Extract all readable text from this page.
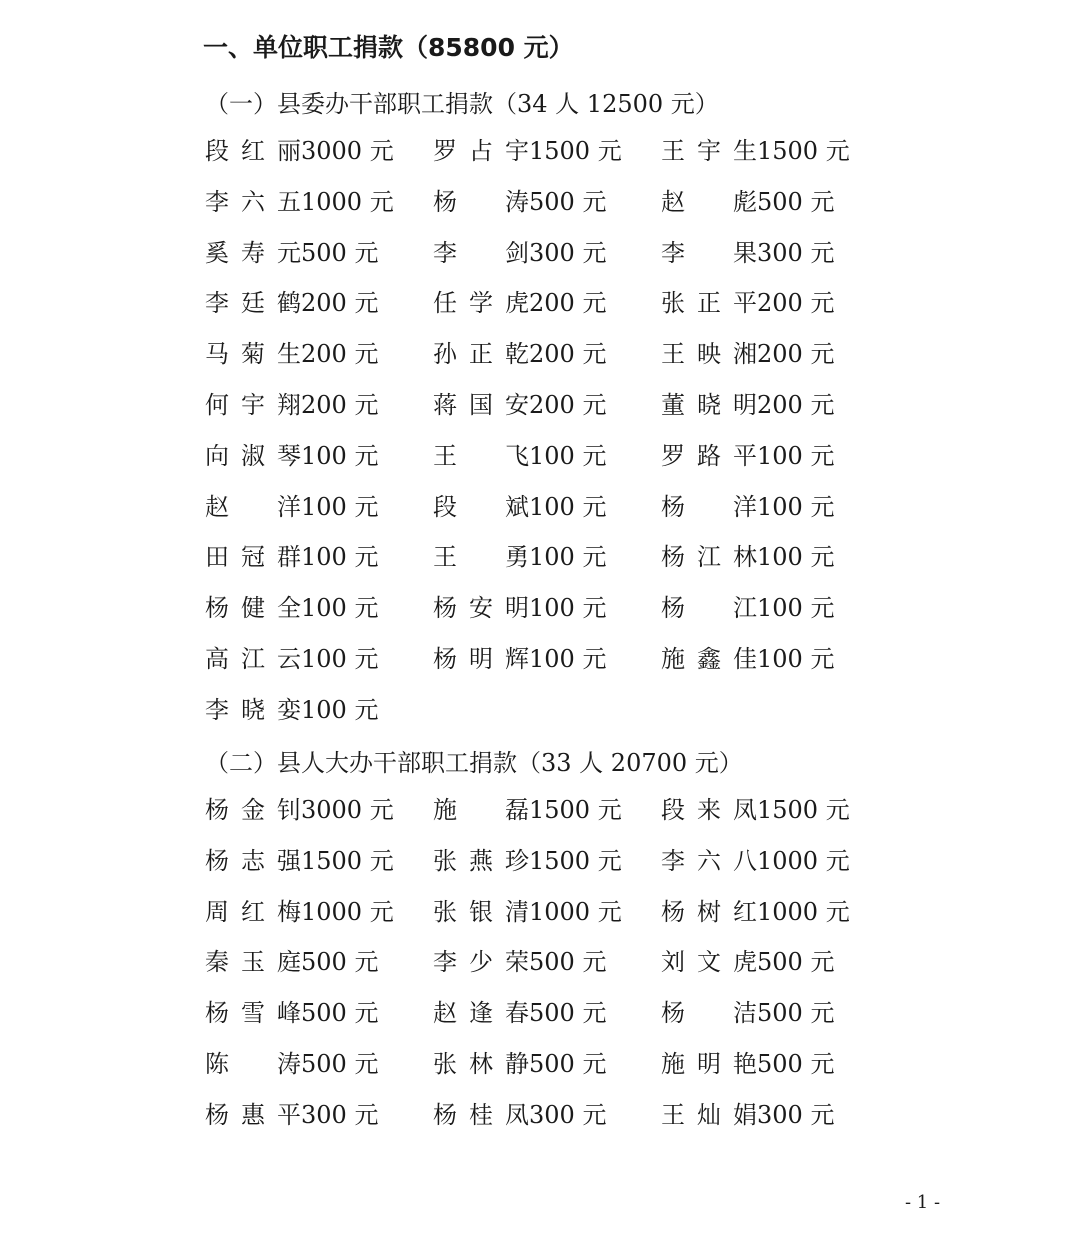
一、单位职工捐款（85800 元）
（一）县委办干部职工捐款（34 人 12500 元）
段红丽3000 元 罗占宇1500 元 王宇生1500 元
李六五1000 元 杨 涛500 元 赵 彪500 元
奚寿元500 元 李 剑300 元 李 果300 元
李廷鹤200 元 任学虎200 元 张正平200 元
马菊生200 元 孙正乾200 元 王映湘200 元
何宇翔200 元 蒋国安200 元 董晓明200 元
向淑琴100 元 王 飞100 元 罗路平100 元
赵 洋100 元 段 斌100 元 杨 洋100 元
田冠群100 元 王 勇100 元 杨江林100 元
杨健全100 元 杨安明100 元 杨 江100 元
高江云100 元 杨明辉100 元 施鑫佳100 元
李晓娈100 元
（二）县人大办干部职工捐款（33 人 20700 元）
杨金钊3000 元 施 磊1500 元 段来凤1500 元
杨志强1500 元 张燕珍1500 元 李六八1000 元
周红梅1000 元 张银清1000 元 杨树红1000 元
秦玉庭500 元 李少荣500 元 刘文虎500 元
杨雪峰500 元 赵逢春500 元 杨 洁500 元
陈 涛500 元 张林静500 元 施明艳500 元
杨惠平300 元 杨桂凤300 元 王灿娟300 元
- 1 -
